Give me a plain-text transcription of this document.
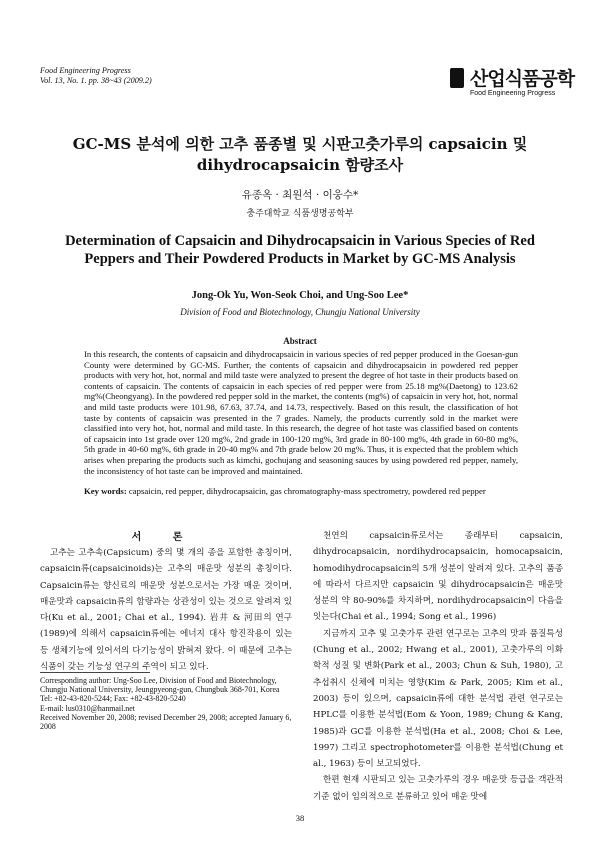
Food Engineering Progress
Vol. 13, No. 1. pp. 38~43 (2009.2)	산업식품공학
Food Engineering Progress
GC-MS 분석에 의한 고추 품종별 및 시판고춧가루의 capsaicin 및 dihydrocapsaicin 함량조사
유종옥 · 최원석 · 이웅수*
충주대학교 식품생명공학부
Determination of Capsaicin and Dihydrocapsaicin in Various Species of Red Peppers and Their Powdered Products in Market by GC-MS Analysis
Jong-Ok Yu, Won-Seok Choi, and Ung-Soo Lee*
Division of Food and Biotechnology, Chungju National University
Abstract
In this research, the contents of capsaicin and dihydrocapsaicin in various species of red pepper produced in the Goesan-gun County were determined by GC-MS. Further, the contents of capsaicin and dihydrocapsaicin in powdered red pepper products with very hot, hot, normal and mild taste were analyzed to present the degree of hot taste in their products based on contents of capsaicin. The contents of capsaicin in each species of red pepper were from 25.18 mg%(Daetong) to 123.62 mg%(Cheongyang). In the powdered red pepper sold in the market, the contents (mg%) of capsaicin in very hot, hot, normal and mild taste products were 101.98, 67.63, 37.74, and 14.73, respectively. Based on this result, the classification of hot taste by contents of capsaicin was presented in the 7 grades. Namely, the products currently sold in the market were classified into very hot, hot, normal and mild taste. In this research, the degree of hot taste was classified based on contents of capsaicin into 1st grade over 120 mg%, 2nd grade in 100-120 mg%, 3rd grade in 80-100 mg%, 4th grade in 60-80 mg%, 5th grade in 40-60 mg%, 6th grade in 20-40 mg% and 7th grade below 20 mg%. Thus, it is expected that the problem which arises when preparing the products such as kimchi, gochujang and seasoning sauces by using powdered red pepper, namely, the inconsistency of hot taste can be improved and maintained.
Key words: capsaicin, red pepper, dihydrocapsaicin, gas chromatography-mass spectrometry, powdered red pepper
서 론
고추는 고추속(Capsicum) 중의 몇 개의 종을 포함한 총칭이며, capsaicin류(capsaicinoids)는 고추의 매운맛 성분의 총칭이다. Capsaicin류는 향신료의 매운맛 성분으로서는 가장 매운 것이며, 매운맛과 capsaicin류의 함량과는 상관성이 있는 것으로 알려져 있다(Ku et al., 2001; Chai et al., 1994). 岩井 & 河田의 연구(1989)에 의해서 capsaicin류에는 에너지 대사 항진작용이 있는 등 생체기능에 있어서의 다기능성이 밝혀져 왔다. 이 때문에 고추는 식품이 갖는 기능성 연구의 주역이 되고 있다.

천연의 capsaicin류로서는 종래부터 capsaicin, dihydrocapsaicin, nordihydrocapsaicin, homocapsaicin, homodihydrocapsaicin의 5개 성분이 알려져 있다. 고추의 품종에 따라서 다르지만 capsaicin 및 dihydrocapsaicin은 매운맛 성분의 약 80-90%를 차지하며, nordihydrocapsaicin이 다음을 잇는다(Chai et al., 1994; Song et al., 1996)

지금까지 고추 및 고춧가루 관련 연구로는 고추의 맛과 품질특성(Chung et al., 2002; Hwang et al., 2001), 고춧가루의 이화학적 성질 및 변화(Park et al., 2003; Chun & Suh, 1980), 고추섭취시 신체에 미치는 영향(Kim & Park, 2005; Kim et al., 2003) 등이 있으며, capsaicin류에 대한 분석법 관련 연구로는 HPLC를 이용한 분석법(Eom & Yoon, 1989; Chung & Kang, 1985)과 GC를 이용한 분석법(Ha et al., 2008; Choi & Lee, 1997) 그리고 spectrophotometer를 이용한 분석법(Chung et al., 1963) 등이 보고되었다.

한편 현재 시판되고 있는 고춧가루의 경우 매운맛 등급을 객관적 기준 없이 임의적으로 분류하고 있어 매운 맛에

Corresponding author: Ung-Soo Lee, Division of Food and Biotechnology, Chungju National University, Jeungpyeong-gun, Chungbuk 368-701, Korea
Tel: +82-43-820-5244; Fax: +82-43-820-5240
E-mail: lus0310@hanmail.net
Received November 20, 2008; revised December 29, 2008; accepted January 6, 2008
38
